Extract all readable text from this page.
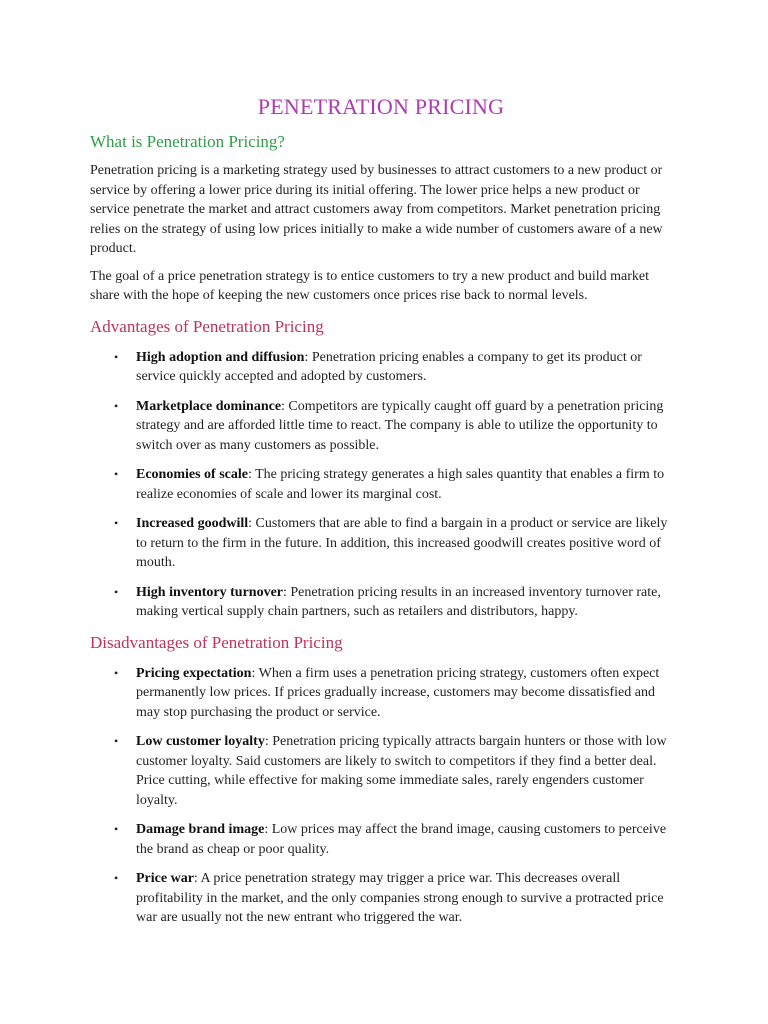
PENETRATION PRICING
What is Penetration Pricing?

Penetration pricing is a marketing strategy used by businesses to attract customers to a new product or service by offering a lower price during its initial offering. The lower price helps a new product or service penetrate the market and attract customers away from competitors. Market penetration pricing relies on the strategy of using low prices initially to make a wide number of customers aware of a new product.

The goal of a price penetration strategy is to entice customers to try a new product and build market share with the hope of keeping the new customers once prices rise back to normal levels.

Advantages of Penetration Pricing
• High adoption and diffusion: Penetration pricing enables a company to get its product or service quickly accepted and adopted by customers.
• Marketplace dominance: Competitors are typically caught off guard by a penetration pricing strategy and are afforded little time to react. The company is able to utilize the opportunity to switch over as many customers as possible.
• Economies of scale: The pricing strategy generates a high sales quantity that enables a firm to realize economies of scale and lower its marginal cost.
• Increased goodwill: Customers that are able to find a bargain in a product or service are likely to return to the firm in the future. In addition, this increased goodwill creates positive word of mouth.
• High inventory turnover: Penetration pricing results in an increased inventory turnover rate, making vertical supply chain partners, such as retailers and distributors, happy.
Disadvantages of Penetration Pricing
• Pricing expectation: When a firm uses a penetration pricing strategy, customers often expect permanently low prices. If prices gradually increase, customers may become dissatisfied and may stop purchasing the product or service.
• Low customer loyalty: Penetration pricing typically attracts bargain hunters or those with low customer loyalty. Said customers are likely to switch to competitors if they find a better deal. Price cutting, while effective for making some immediate sales, rarely engenders customer loyalty.
• Damage brand image: Low prices may affect the brand image, causing customers to perceive the brand as cheap or poor quality.
• Price war: A price penetration strategy may trigger a price war. This decreases overall profitability in the market, and the only companies strong enough to survive a protracted price war are usually not the new entrant who triggered the war.
